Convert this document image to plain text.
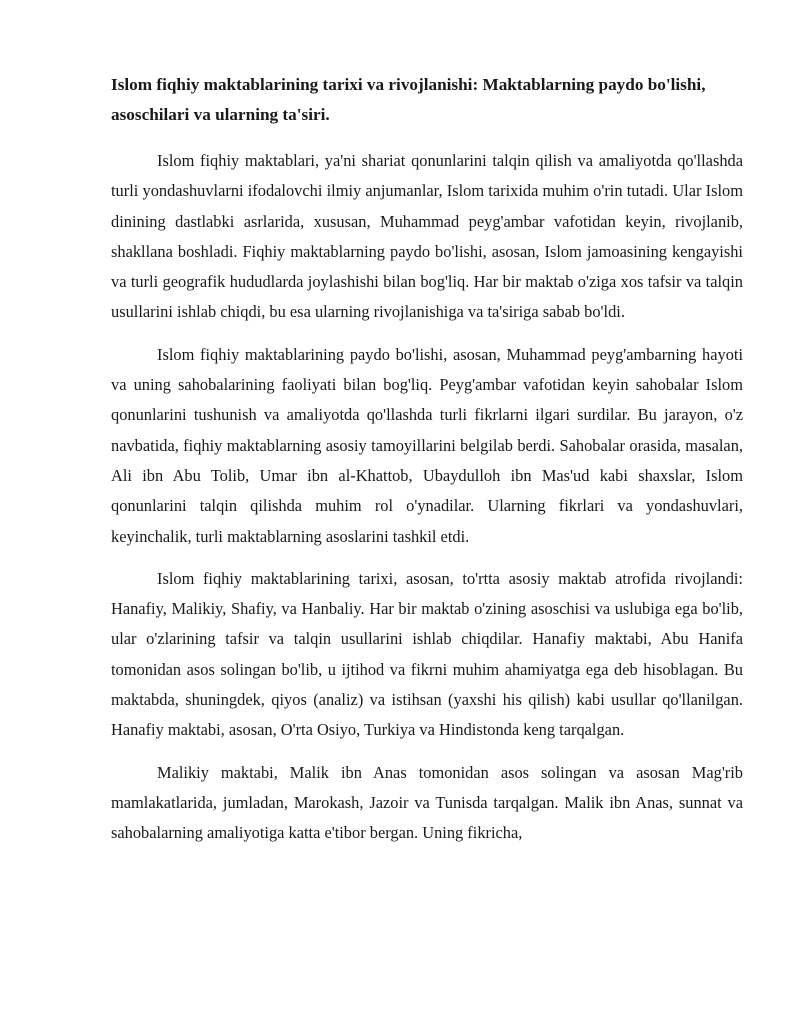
Islom fiqhiy maktablarining tarixi va rivojlanishi: Maktablarning paydo bo'lishi, asoschilari va ularning ta'siri.

Islom fiqhiy maktablari, ya'ni shariat qonunlarini talqin qilish va amaliyotda qo'llashda turli yondashuvlarni ifodalovchi ilmiy anjumanlar, Islom tarixida muhim o'rin tutadi. Ular Islom dinining dastlabki asrlarida, xususan, Muhammad peyg'ambar vafotidan keyin, rivojlanib, shakllana boshladi. Fiqhiy maktablarning paydo bo'lishi, asosan, Islom jamoasining kengayishi va turli geografik hududlarda joylashishi bilan bog'liq. Har bir maktab o'ziga xos tafsir va talqin usullarini ishlab chiqdi, bu esa ularning rivojlanishiga va ta'siriga sabab bo'ldi.

Islom fiqhiy maktablarining paydo bo'lishi, asosan, Muhammad peyg'ambarning hayoti va uning sahobalarining faoliyati bilan bog'liq. Peyg'ambar vafotidan keyin sahobalar Islom qonunlarini tushunish va amaliyotda qo'llashda turli fikrlarni ilgari surdilar. Bu jarayon, o'z navbatida, fiqhiy maktablarning asosiy tamoyillarini belgilab berdi. Sahobalar orasida, masalan, Ali ibn Abu Tolib, Umar ibn al-Khattob, Ubaydulloh ibn Mas'ud kabi shaxslar, Islom qonunlarini talqin qilishda muhim rol o'ynadilar. Ularning fikrlari va yondashuvlari, keyinchalik, turli maktablarning asoslarini tashkil etdi.

Islom fiqhiy maktablarining tarixi, asosan, to'rtta asosiy maktab atrofida rivojlandi: Hanafiy, Malikiy, Shafiy, va Hanbaliy. Har bir maktab o'zining asoschisi va uslubiga ega bo'lib, ular o'zlarining tafsir va talqin usullarini ishlab chiqdilar. Hanafiy maktabi, Abu Hanifa tomonidan asos solingan bo'lib, u ijtihod va fikrni muhim ahamiyatga ega deb hisoblagan. Bu maktabda, shuningdek, qiyos (analiz) va istihsan (yaxshi his qilish) kabi usullar qo'llanilgan. Hanafiy maktabi, asosan, O'rta Osiyo, Turkiya va Hindistonda keng tarqalgan.

Malikiy maktabi, Malik ibn Anas tomonidan asos solingan va asosan Mag'rib mamlakatlarida, jumladan, Marokash, Jazoir va Tunisda tarqalgan. Malik ibn Anas, sunnat va sahobalarning amaliyotiga katta e'tibor bergan. Uning fikricha,
